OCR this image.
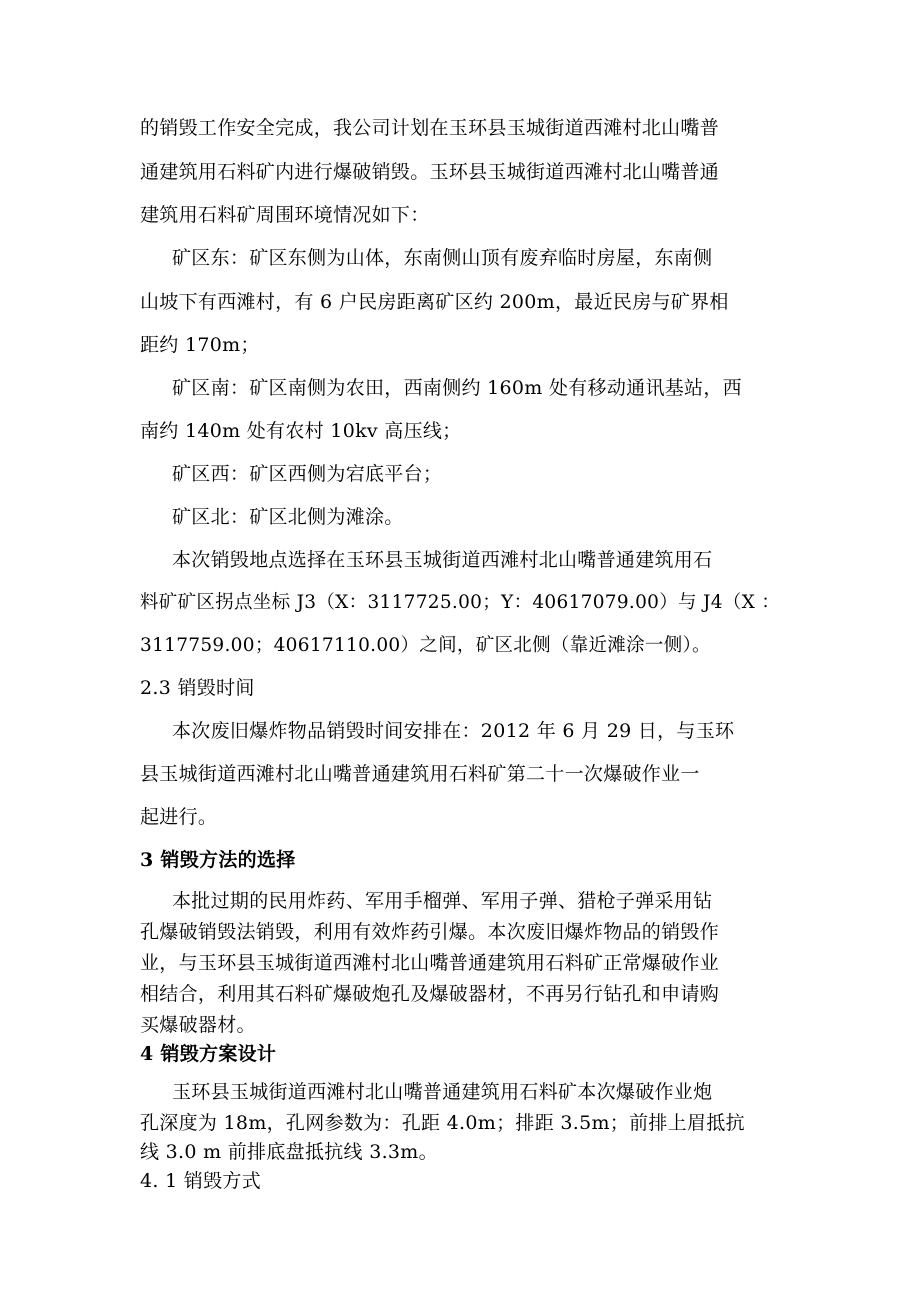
的销毁工作安全完成，我公司计划在玉环县玉城街道西滩村北山嘴普
通建筑用石料矿内进行爆破销毁。玉环县玉城街道西滩村北山嘴普通
建筑用石料矿周围环境情况如下：
矿区东：矿区东侧为山体，东南侧山顶有废弃临时房屋，东南侧
山坡下有西滩村，有 6 户民房距离矿区约 200m，最近民房与矿界相
距约 170m；
矿区南：矿区南侧为农田，西南侧约 160m 处有移动通讯基站，西
南约 140m 处有农村 10kv 高压线；
矿区西：矿区西侧为宕底平台；
矿区北：矿区北侧为滩涂。
本次销毁地点选择在玉环县玉城街道西滩村北山嘴普通建筑用石
料矿矿区拐点坐标 J3（X：3117725.00；Y：40617079.00）与 J4（X ：
3117759.00；40617110.00）之间，矿区北侧（靠近滩涂一侧）。
2.3 销毁时间
本次废旧爆炸物品销毁时间安排在：2012 年 6 月 29 日，与玉环
县玉城街道西滩村北山嘴普通建筑用石料矿第二十一次爆破作业一
起进行。
3 销毁方法的选择
本批过期的民用炸药、军用手榴弹、军用子弹、猎枪子弹采用钻
孔爆破销毁法销毁，利用有效炸药引爆。本次废旧爆炸物品的销毁作
业，与玉环县玉城街道西滩村北山嘴普通建筑用石料矿正常爆破作业
相结合，利用其石料矿爆破炮孔及爆破器材，不再另行钻孔和申请购
买爆破器材。
4 销毁方案设计
玉环县玉城街道西滩村北山嘴普通建筑用石料矿本次爆破作业炮
孔深度为 18m，孔网参数为：孔距 4.0m；排距 3.5m；前排上眉抵抗
线 3.0 m 前排底盘抵抗线 3.3m。
4. 1 销毁方式
